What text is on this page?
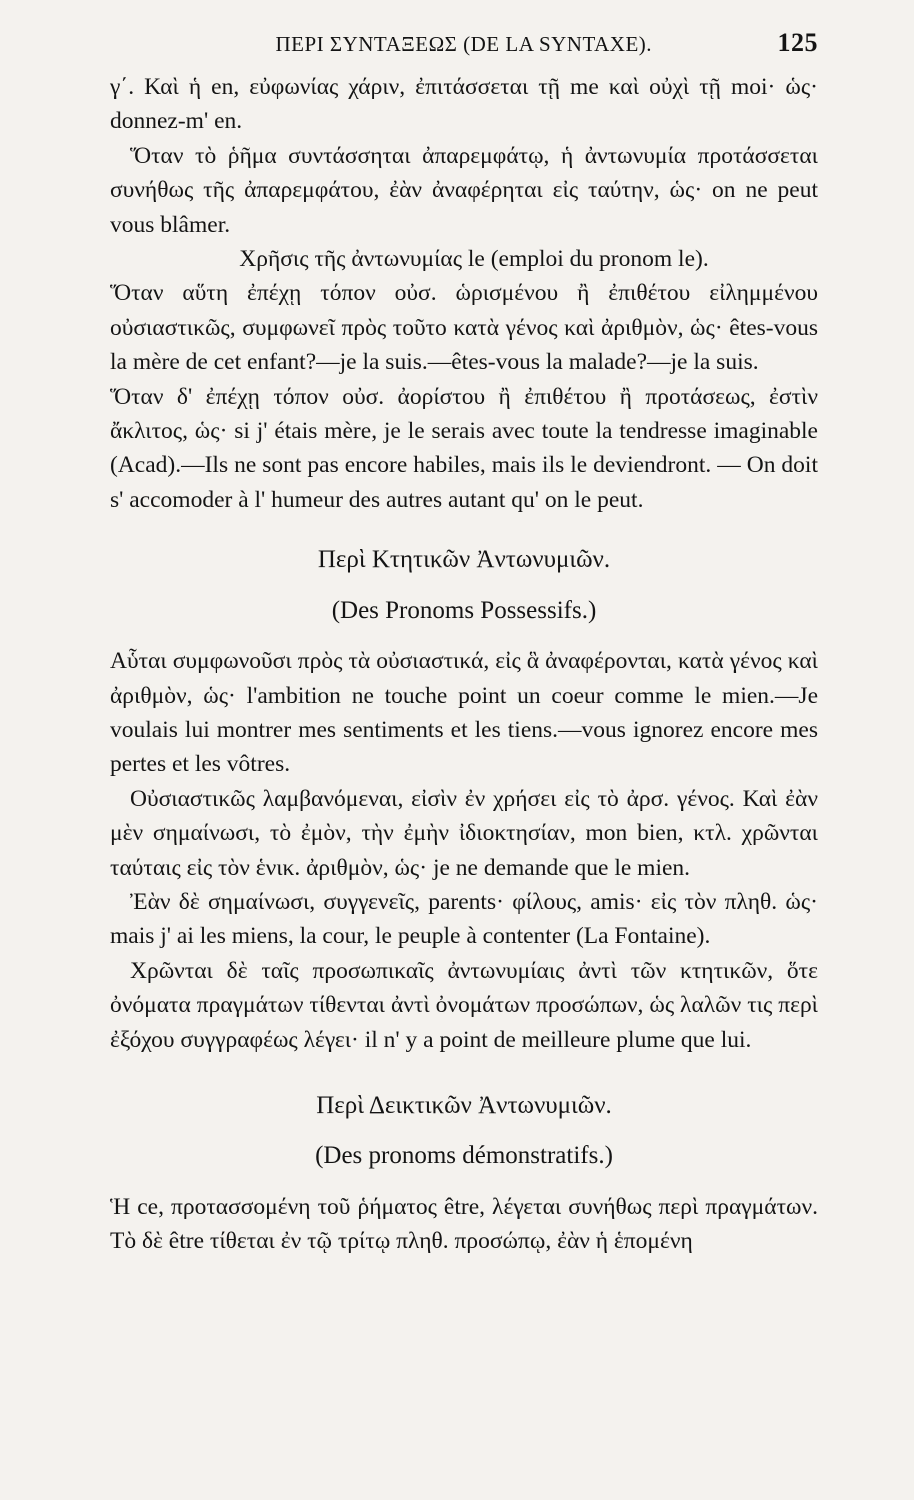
ΠΕΡΙ ΣΥΝΤΑΞΕΩΣ (DE LA SYNTAXE).	125

γ΄. Καὶ ἡ en, εὐφωνίας χάριν, ἐπιτάσσεται τῇ me καὶ οὐχὶ τῇ moi· ὡς· donnez-m' en.

Ὅταν τὸ ῥῆμα συντάσσηται ἀπαρεμφάτῳ, ἡ ἀντωνυμία προτάσσεται συνήθως τῆς ἀπαρεμφάτου, ἐὰν ἀναφέρηται εἰς ταύτην, ὡς· on ne peut vous blâmer.

Χρῆσις τῆς ἀντωνυμίας le (emploi du pronom le).

Ὅταν αὕτη ἐπέχῃ τόπον οὐσ. ὡρισμένου ἢ ἐπιθέτου εἰλημμένου οὐσιαστικῶς, συμφωνεῖ πρὸς τοῦτο κατὰ γένος καὶ ἀριθμὸν, ὡς· êtes-vous la mère de cet enfant?—je la suis.—êtes-vous la malade?—je la suis.

Ὅταν δ' ἐπέχῃ τόπον οὐσ. ἀορίστου ἢ ἐπιθέτου ἢ προτάσεως, ἐστὶν ἄκλιτος, ὡς· si j' étais mère, je le serais avec toute la tendresse imaginable (Acad).—Ils ne sont pas encore habiles, mais ils le deviendront. — On doit s' accomoder à l' humeur des autres autant qu' on le peut.

Περὶ Κτητικῶν Ἀντωνυμιῶν.
(Des Pronoms Possessifs.)

Αὗται συμφωνοῦσι πρὸς τὰ οὐσιαστικά, εἰς ἃ ἀναφέρονται, κατὰ γένος καὶ ἀριθμὸν, ὡς· l'ambition ne touche point un coeur comme le mien.—Je voulais lui montrer mes sentiments et les tiens.—vous ignorez encore mes pertes et les vôtres.

Οὐσιαστικῶς λαμβανόμεναι, εἰσὶν ἐν χρήσει εἰς τὸ ἀρσ. γένος. Καὶ ἐὰν μὲν σημαίνωσι, τὸ ἐμὸν, τὴν ἐμὴν ἰδιοκτησίαν, mon bien, κτλ. χρῶνται ταύταις εἰς τὸν ἑνικ. ἀριθμὸν, ὡς· je ne demande que le mien.

Ἐὰν δὲ σημαίνωσι, συγγενεῖς, parents· φίλους, amis· εἰς τὸν πληθ. ὡς· mais j' ai les miens, la cour, le peuple à contenter (La Fontaine).

Χρῶνται δὲ ταῖς προσωπικαῖς ἀντωνυμίαις ἀντὶ τῶν κτητικῶν, ὅτε ὀνόματα πραγμάτων τίθενται ἀντὶ ὀνομάτων προσώπων, ὡς λαλῶν τις περὶ ἐξόχου συγγραφέως λέγει· il n' y a point de meilleure plume que lui.

Περὶ Δεικτικῶν Ἀντωνυμιῶν.
(Des pronoms démonstratifs.)

Ἡ ce, προτασσομένη τοῦ ῥήματος être, λέγεται συνήθως περὶ πραγμάτων. Τὸ δὲ être τίθεται ἐν τῷ τρίτῳ πληθ. προσώπῳ, ἐὰν ἡ ἑπομένη
